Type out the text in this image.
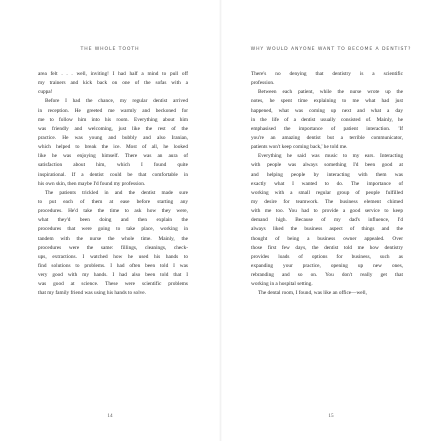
THE WHOLE TOOTH
area felt . . . well, inviting! I had half a mind to pull off
my trainers and kick back on one of the sofas with a
cuppa!
Before I had the chance, my regular dentist arrived
in reception. He greeted me warmly and beckoned for
me to follow him into his room. Everything about him
was friendly and welcoming, just like the rest of the
practice. He was young and bubbly and also Iranian,
which helped to break the ice. Most of all, he looked
like he was enjoying himself. There was an aura of
satisfaction about him, which I found quite
inspirational. If a dentist could be that comfortable in
his own skin, then maybe I'd found my profession.
The patients trickled in and the dentist made sure
to put each of them at ease before starting any
procedures. He'd take the time to ask how they were,
what they'd been doing and then explain the
procedures that were going to take place, working in
tandem with the nurse the whole time. Mainly, the
procedures were the same: fillings, cleanings, check-
ups, extractions. I watched how he used his hands to
find solutions to problems. I had often been told I was
very good with my hands. I had also been told that I
was good at science. These were scientific problems
that my family friend was using his hands to solve.
14
WHY WOULD ANYONE WANT TO BECOME A DENTIST?
There's no denying that dentistry is a scientific
profession.
Between each patient, while the nurse wrote up the
notes, he spent time explaining to me what had just
happened, what was coming up next and what a day
in the life of a dentist usually consisted of. Mainly, he
emphasised the importance of patient interaction. 'If
you're an amazing dentist but a terrible communicator,
patients won't keep coming back,' he told me.
Everything he said was music to my ears. Interacting
with people was always something I'd been good at
and helping people by interacting with them was
exactly what I wanted to do. The importance of
working with a small regular group of people fulfilled
my desire for teamwork. The business element chimed
with me too. You had to provide a good service to keep
demand high. Because of my dad's influence, I'd
always liked the business aspect of things and the
thought of being a business owner appealed. Over
those first few days, the dentist told me how dentistry
provides loads of options for business, such as
expanding your practice, opening up new ones,
rebranding and so on. You don't really get that
working in a hospital setting.
The dental room, I found, was like an office—well,
15
